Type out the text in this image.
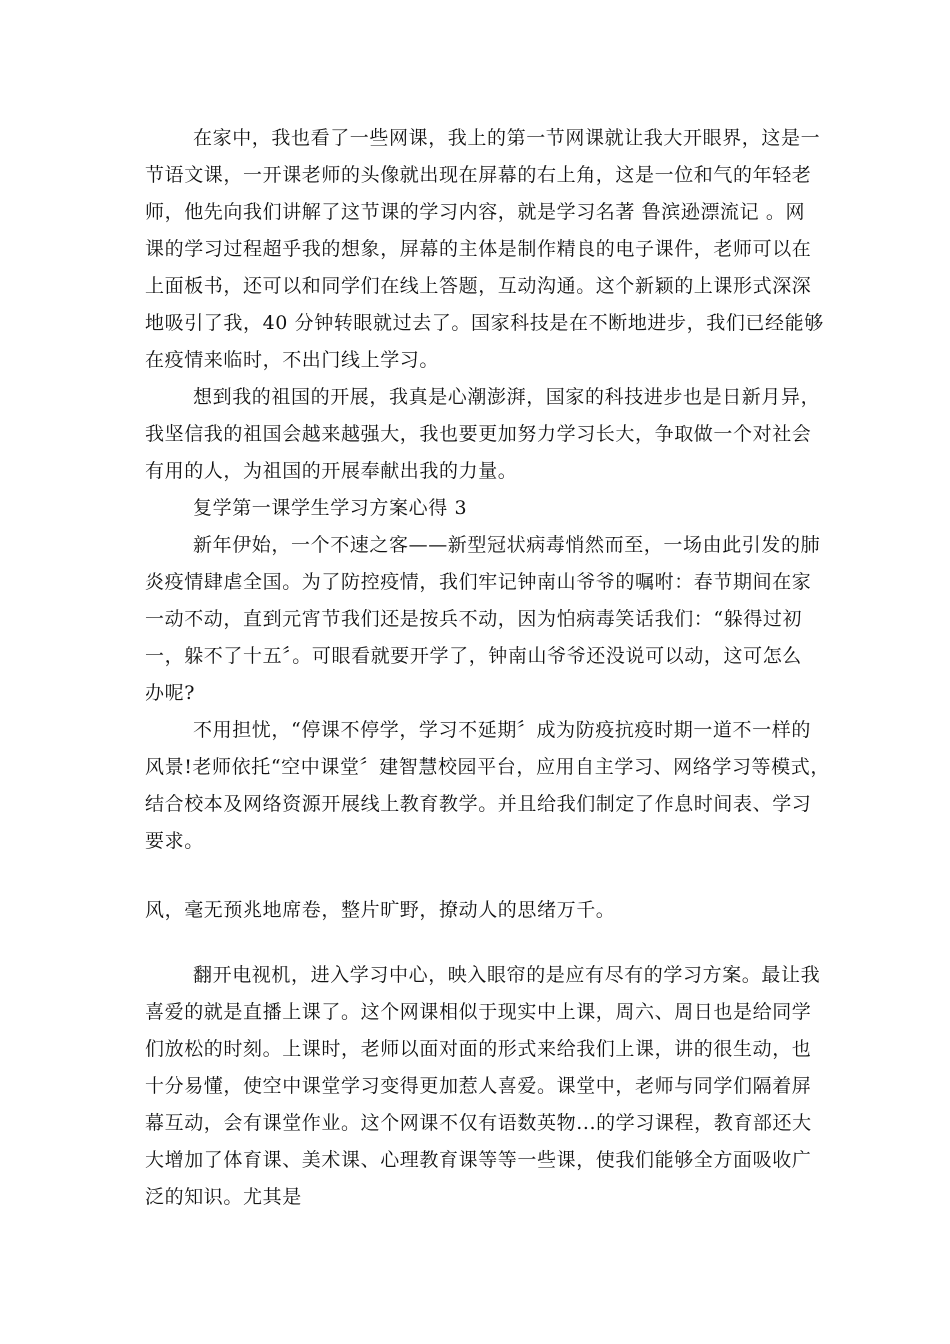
在家中，我也看了一些网课，我上的第一节网课就让我大开眼界，这是一
节语文课，一开课老师的头像就出现在屏幕的右上角，这是一位和气的年轻老
师，他先向我们讲解了这节课的学习内容，就是学习名著 鲁滨逊漂流记 。网
课的学习过程超乎我的想象，屏幕的主体是制作精良的电子课件，老师可以在
上面板书，还可以和同学们在线上答题，互动沟通。这个新颖的上课形式深深
地吸引了我，40 分钟转眼就过去了。国家科技是在不断地进步，我们已经能够
在疫情来临时，不出门线上学习。
想到我的祖国的开展，我真是心潮澎湃，国家的科技进步也是日新月异，
我坚信我的祖国会越来越强大，我也要更加努力学习长大，争取做一个对社会
有用的人，为祖国的开展奉献出我的力量。
复学第一课学生学习方案心得 3
新年伊始，一个不速之客——新型冠状病毒悄然而至，一场由此引发的肺
炎疫情肆虐全国。为了防控疫情，我们牢记钟南山爷爷的嘱咐：春节期间在家
一动不动，直到元宵节我们还是按兵不动，因为怕病毒笑话我们：“躲得过初
一，躲不了十五〞。可眼看就要开学了，钟南山爷爷还没说可以动，这可怎么
办呢?
不用担忧，“停课不停学，学习不延期〞成为防疫抗疫时期一道不一样的
风景!老师依托“空中课堂〞建智慧校园平台，应用自主学习、网络学习等模式，
结合校本及网络资源开展线上教育教学。并且给我们制定了作息时间表、学习
要求。
风，毫无预兆地席卷，整片旷野，撩动人的思绪万千。
翻开电视机，进入学习中心，映入眼帘的是应有尽有的学习方案。最让我
喜爱的就是直播上课了。这个网课相似于现实中上课，周六、周日也是给同学
们放松的时刻。上课时，老师以面对面的形式来给我们上课，讲的很生动，也
十分易懂，使空中课堂学习变得更加惹人喜爱。课堂中，老师与同学们隔着屏
幕互动，会有课堂作业。这个网课不仅有语数英物...的学习课程，教育部还大
大增加了体育课、美术课、心理教育课等等一些课，使我们能够全方面吸收广
泛的知识。尤其是
